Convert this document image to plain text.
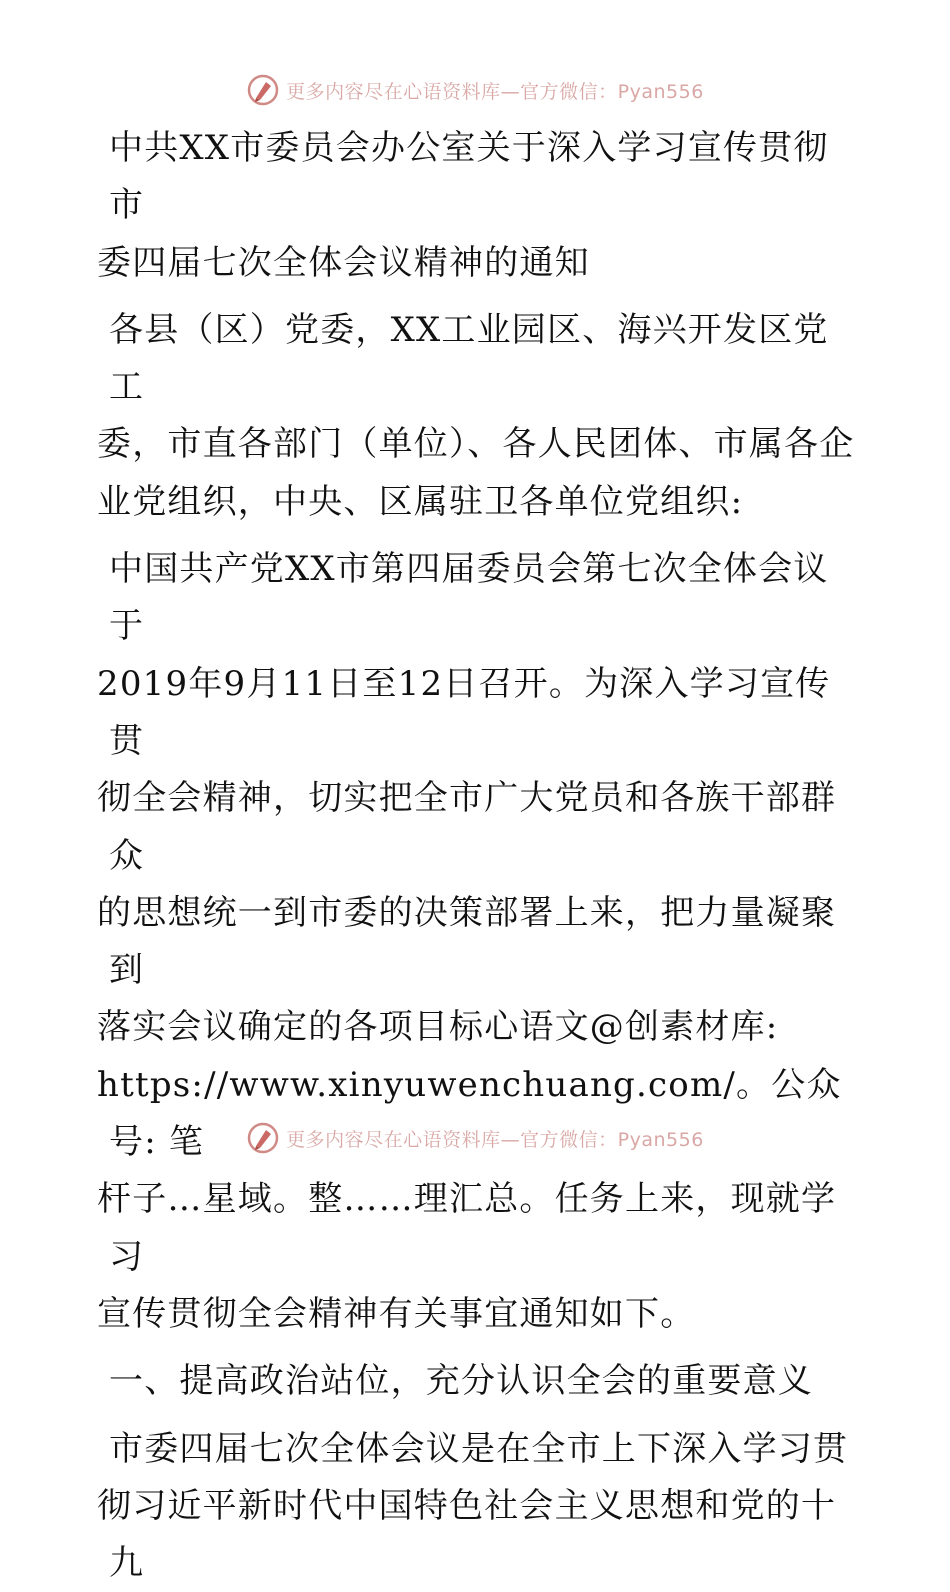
更多内容尽在心语资料库—官方微信：Pyan556

中共XX市委员会办公室关于深入学习宣传贯彻市
委四届七次全体会议精神的通知

各县（区）党委，XX工业园区、海兴开发区党工
委，市直各部门（单位）、各人民团体、市属各企
业党组织，中央、区属驻卫各单位党组织:

中国共产党XX市第四届委员会第七次全体会议于
2019年9月11日至12日召开。为深入学习宣传贯
彻全会精神，切实把全市广大党员和各族干部群众
的思想统一到市委的决策部署上来，把力量凝聚到
落实会议确定的各项目标心语文@创素材库:
https://www.xinyuwenchuang.com/。公众号: 笔
杆子…星域。整……理汇总。任务上来，现就学习
宣传贯彻全会精神有关事宜通知如下。

一、提高政治站位，充分认识全会的重要意义

市委四届七次全体会议是在全市上下深入学习贯
彻习近平新时代中国特色社会主义思想和党的十九

更多内容尽在心语资料库—官方微信：Pyan556
